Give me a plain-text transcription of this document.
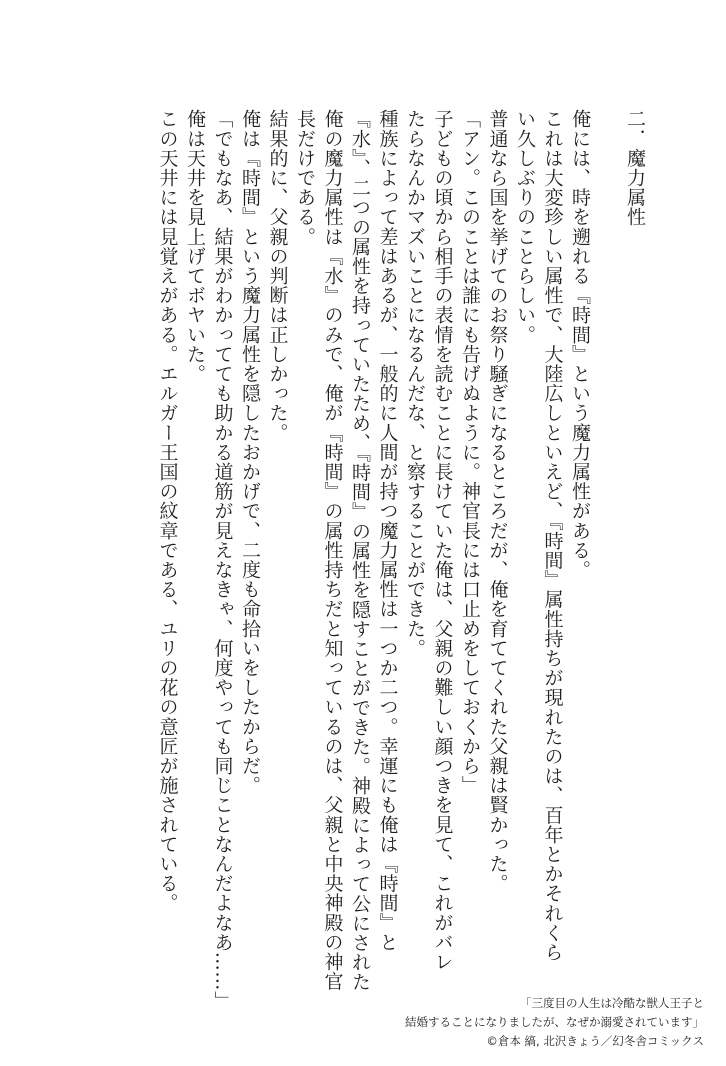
二．魔力属性

俺には、時を遡れる『時間』という魔力属性がある。
これは大変珍しい属性で、大陸広しといえど、『時間』属性持ちが現れたのは、百年とかそれくら
い久しぶりのことらしい。
普通なら国を挙げてのお祭り騒ぎになるところだが、俺を育ててくれた父親は賢かった。
「アン。このことは誰にも告げぬように。神官長には口止めをしておくから」
子どもの頃から相手の表情を読むことに長けていた俺は、父親の難しい顔つきを見て、これがバレ
たらなんかマズいことになるんだな、と察することができた。
種族によって差はあるが、一般的に人間が持つ魔力属性は一つか二つ。幸運にも俺は『時間』と
『水』、二つの属性を持っていたため、『時間』の属性を隠すことができた。神殿によって公にされた
俺の魔力属性は『水』のみで、俺が『時間』の属性持ちだと知っているのは、父親と中央神殿の神官
長だけである。
結果的に、父親の判断は正しかった。
俺は『時間』という魔力属性を隠したおかげで、二度も命拾いをしたからだ。
「でもなあ、結果がわかってても助かる道筋が見えなきゃ、何度やっても同じことなんだよなあ……」
俺は天井を見上げてボヤいた。
この天井には見覚えがある。エルガー王国の紋章である、ユリの花の意匠が施されている。
「三度目の人生は冷酷な獣人王子と
結婚することになりましたが、なぜか溺愛されています」
©倉本 縞, 北沢きょう／幻冬舎コミックス
